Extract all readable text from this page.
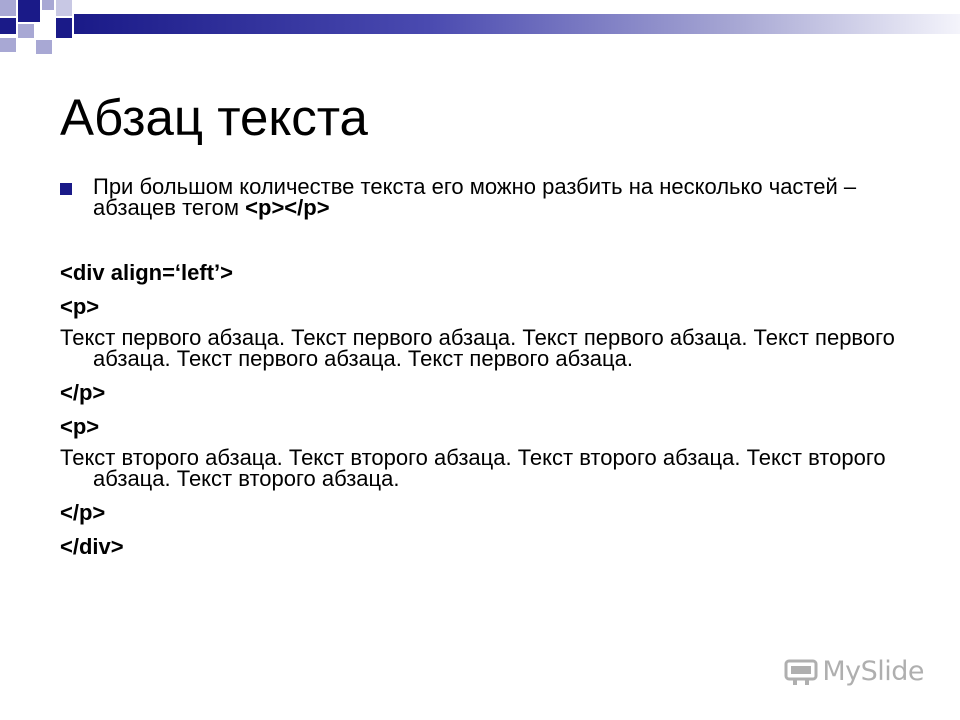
Абзац текста

При большом количестве текста его можно разбить на несколько частей – абзацев тегом <p></p>

<div align=‘left’>

<p>

Текст первого абзаца. Текст первого абзаца. Текст первого абзаца. Текст первого абзаца. Текст первого абзаца. Текст первого абзаца.

</p>

<p>

Текст второго абзаца. Текст второго абзаца. Текст второго абзаца. Текст второго абзаца. Текст второго абзаца.

</p>

</div>

MySlide
